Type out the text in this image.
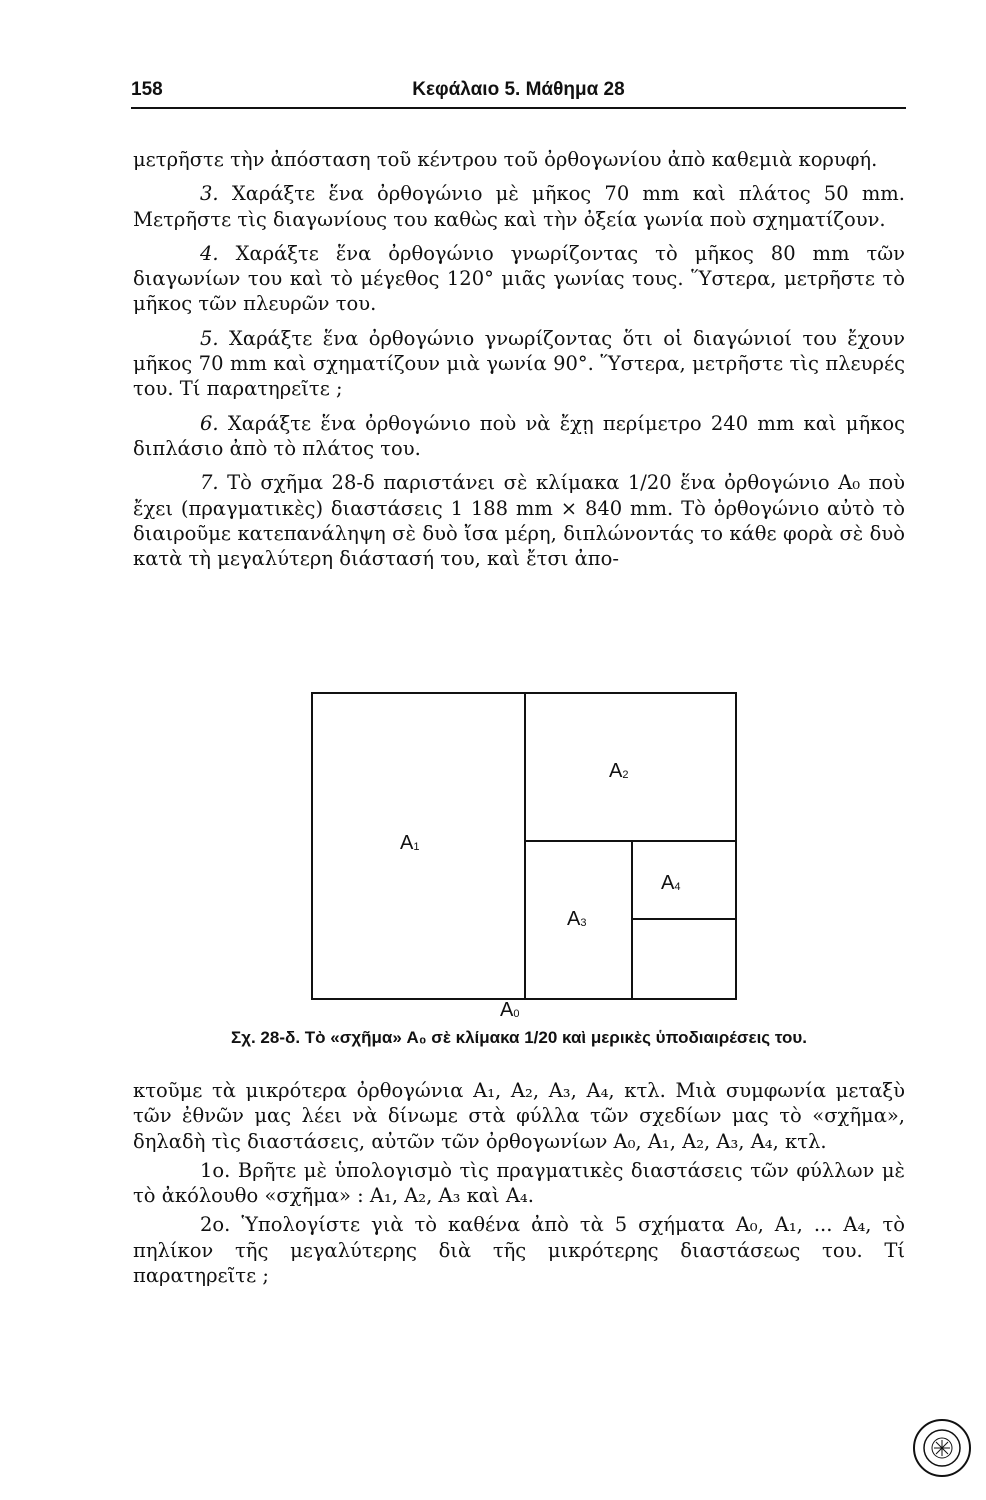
158	Κεφάλαιο 5. Μάθημα 28

μετρῆστε τὴν ἀπόσταση τοῦ κέντρου τοῦ ὀρθογωνίου ἀπὸ καθεμιὰ κορυφή.

3. Χαράξτε ἕνα ὀρθογώνιο μὲ μῆκος 70 mm καὶ πλάτος 50 mm. Μετρῆστε τὶς διαγωνίους του καθὼς καὶ τὴν ὀξεία γωνία ποὺ σχηματίζουν.

4. Χαράξτε ἕνα ὀρθογώνιο γνωρίζοντας τὸ μῆκος 80 mm τῶν διαγωνίων του καὶ τὸ μέγεθος 120° μιᾶς γωνίας τους. Ὕστερα, μετρῆστε τὸ μῆκος τῶν πλευρῶν του.

5. Χαράξτε ἕνα ὀρθογώνιο γνωρίζοντας ὅτι οἱ διαγώνιοί του ἔχουν μῆκος 70 mm καὶ σχηματίζουν μιὰ γωνία 90°. Ὕστερα, μετρῆστε τὶς πλευρές του. Τί παρατηρεῖτε ;

6. Χαράξτε ἕνα ὀρθογώνιο ποὺ νὰ ἔχῃ περίμετρο 240 mm καὶ μῆκος διπλάσιο ἀπὸ τὸ πλάτος του.

7. Τὸ σχῆμα 28-δ παριστάνει σὲ κλίμακα 1/20 ἕνα ὀρθογώνιο A₀ ποὺ ἔχει (πραγματικὲς) διαστάσεις 1 188 mm × 840 mm. Τὸ ὀρθογώνιο αὐτὸ τὸ διαιροῦμε κατεπανάληψη σὲ δυὸ ἴσα μέρη, διπλώνοντάς το κάθε φορὰ σὲ δυὸ κατὰ τὴ μεγαλύτερη διάστασή του, καὶ ἔτσι ἀπο-

$A_1$
$A_2$
$A_3$
$A_4$
$A_0$
Σχ. 28-δ. Τὸ «σχῆμα» A₀ σὲ κλίμακα 1/20 καὶ μερικὲς ὑποδιαιρέσεις του.

κτοῦμε τὰ μικρότερα ὀρθογώνια A₁, A₂, A₃, A₄, κτλ. Μιὰ συμφωνία μεταξὺ τῶν ἐθνῶν μας λέει νὰ δίνωμε στὰ φύλλα τῶν σχεδίων μας τὸ «σχῆμα», δηλαδὴ τὶς διαστάσεις, αὐτῶν τῶν ὀρθογωνίων A₀, A₁, A₂, A₃, A₄, κτλ.

1ο. Βρῆτε μὲ ὑπολογισμὸ τὶς πραγματικὲς διαστάσεις τῶν φύλλων μὲ τὸ ἀκόλουθο «σχῆμα» : A₁, A₂, A₃ καὶ A₄.

2ο. Ὑπολογίστε γιὰ τὸ καθένα ἀπὸ τὰ 5 σχήματα A₀, A₁, ... A₄, τὸ πηλίκον τῆς μεγαλύτερης διὰ τῆς μικρότερης διαστάσεως του. Τί παρατηρεῖτε ;
